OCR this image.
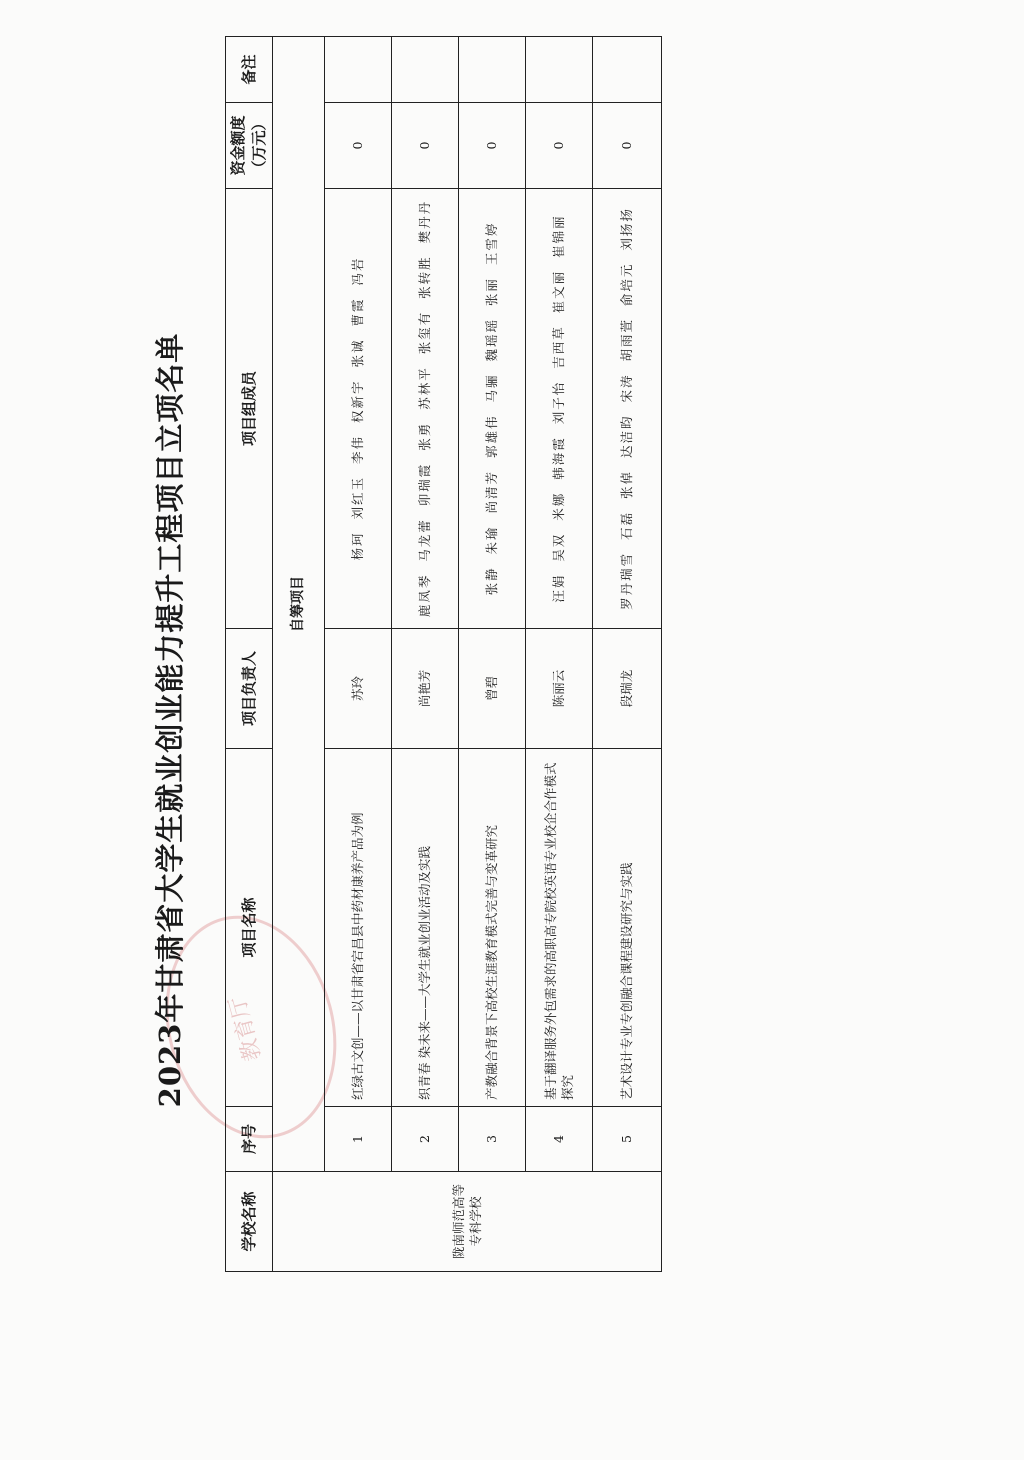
教育厅
2023年甘肃省大学生就业创业能力提升工程项目立项名单
学校名称	序号	项目名称	项目负责人	项目组成员	资金额度（万元）	备注
陇南师范高等专科学校	自筹项目					
	1	红绿古文创——以甘肃省宕昌县中药材康养产品为例	苏玲	杨珂 刘红玉 李伟 权新宇 张诚 曹霞 冯岩	0	
	2	织青春 染未来——大学生就业创业活动及实践	尚艳芳	鹿凤琴 马龙蕾 卯瑞霞 张勇 苏林平 张玺有 张转胜 樊丹丹	0	
	3	产教融合背景下高校生涯教育模式完善与变革研究	曾碧	张静 朱瑜 尚清芳 郭雄伟 马骊 魏瑶瑶 张丽 王雪婷	0	
	4	基于翻译服务外包需求的高职高专院校英语专业校企合作模式探究	陈丽云	汪娟 吴双 米娜 韩海霞 刘子怡 吉西草 崔文丽 崔锦丽	0	
	5	艺术设计专业专创融合课程建设研究与实践	段瑞龙	罗丹瑞雪 石磊 张倬 达洁昀 宋涛 胡雨萱 俞培元 刘扬扬	0	
